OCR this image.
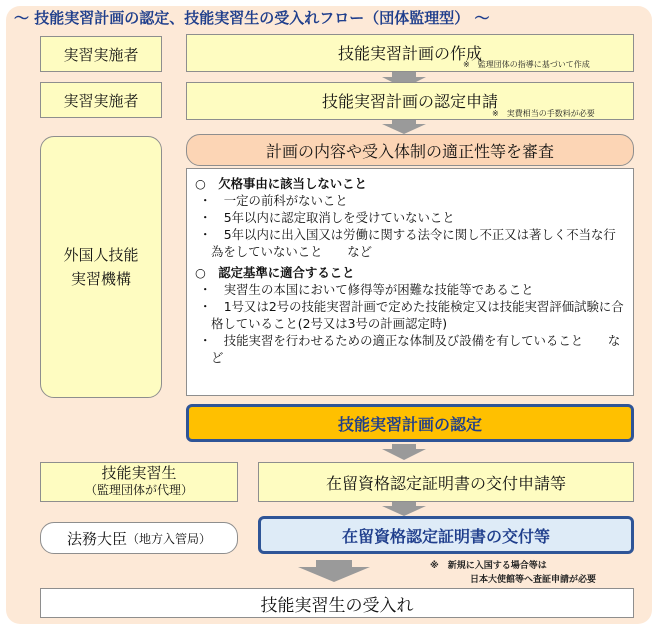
〜 技能実習計画の認定、技能実習生の受入れフロー（団体監理型） 〜
実習実施者	技能実習計画の作成
※　監理団体の指導に基づいて作成
実習実施者	技能実習計画の認定申請
※　実費相当の手数料が必要
外国人技能
実習機構
計画の内容や受入体制の適正性等を審査
○　欠格事由に該当しないこと
・　一定の前科がないこと
・　5年以内に認定取消しを受けていないこと
・　5年以内に出入国又は労働に関する法令に関し不正又は著しく不当な行為をしていないこと　　など
○　認定基準に適合すること
・　実習生の本国において修得等が困難な技能等であること
・　1号又は2号の技能実習計画で定めた技能検定又は技能実習評価試験に合格していること(2号又は3号の計画認定時)
・　技能実習を行わせるための適正な体制及び設備を有していること　　など
技能実習計画の認定
技能実習生
（監理団体が代理）	在留資格認定証明書の交付申請等
法務大臣 （地方入管局）	在留資格認定証明書の交付等
※　新規に入国する場合等は
日本大使館等へ査証申請が必要
技能実習生の受入れ
